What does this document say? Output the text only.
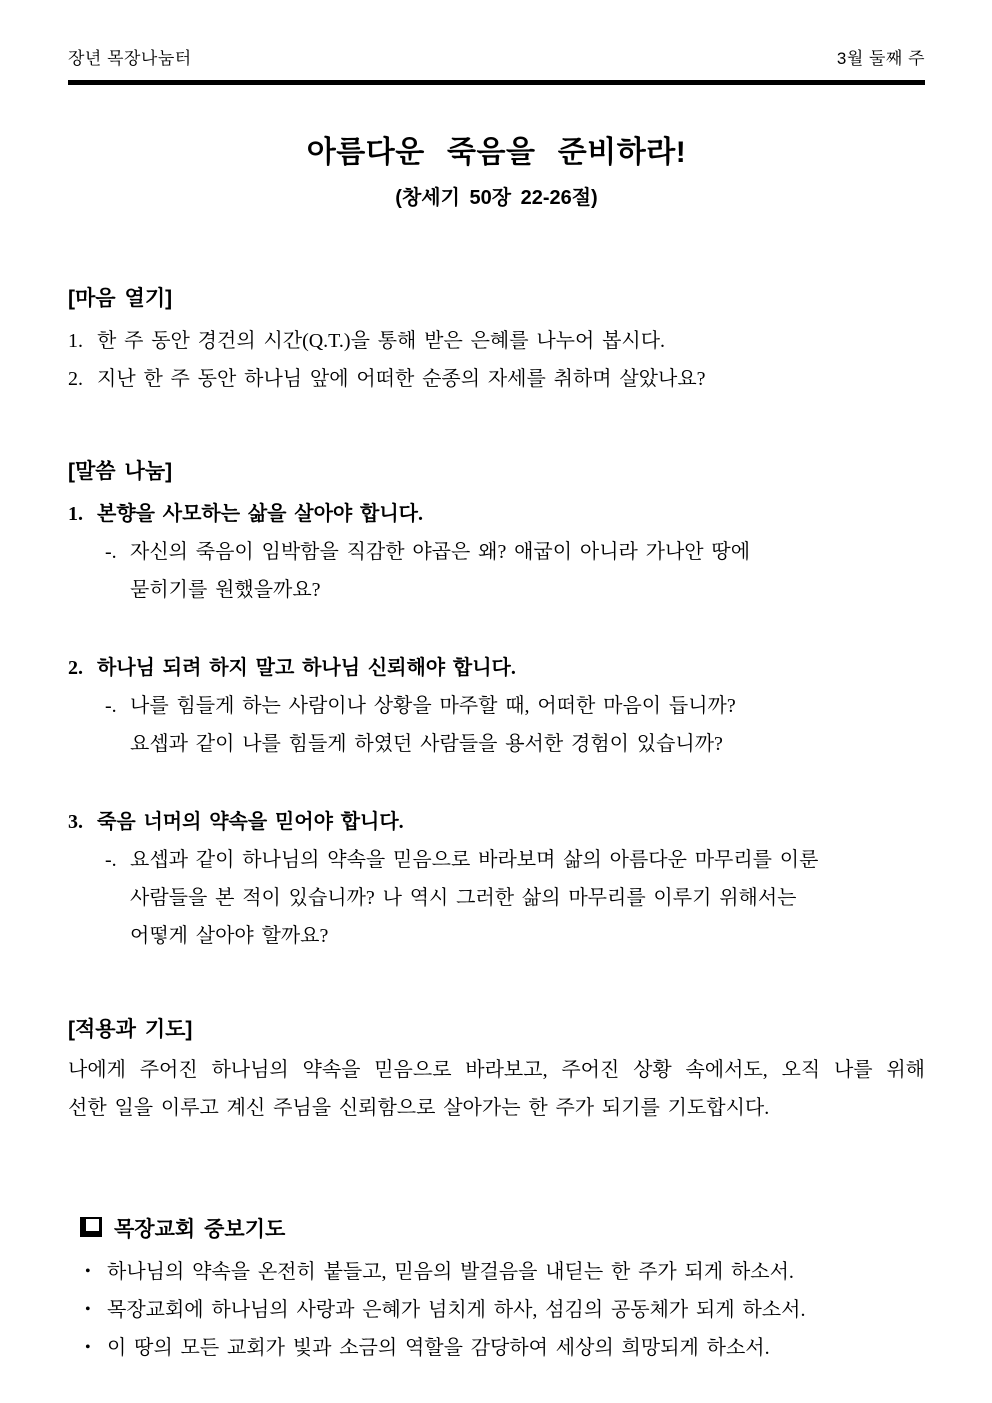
장년 목장나눔터	3월 둘째 주
아름다운 죽음을 준비하라!
(창세기 50장 22-26절)
[마음 열기]
1. 한 주 동안 경건의 시간(Q.T.)을 통해 받은 은혜를 나누어 봅시다.
2. 지난 한 주 동안 하나님 앞에 어떠한 순종의 자세를 취하며 살았나요?
[말씀 나눔]
1. 본향을 사모하는 삶을 살아야 합니다.
-. 자신의 죽음이 임박함을 직감한 야곱은 왜? 애굽이 아니라 가나안 땅에
묻히기를 원했을까요?
2. 하나님 되려 하지 말고 하나님 신뢰해야 합니다.
-. 나를 힘들게 하는 사람이나 상황을 마주할 때, 어떠한 마음이 듭니까?
요셉과 같이 나를 힘들게 하였던 사람들을 용서한 경험이 있습니까?
3. 죽음 너머의 약속을 믿어야 합니다.
-. 요셉과 같이 하나님의 약속을 믿음으로 바라보며 삶의 아름다운 마무리를 이룬
사람들을 본 적이 있습니까? 나 역시 그러한 삶의 마무리를 이루기 위해서는
어떻게 살아야 할까요?
[적용과 기도]
나에게 주어진 하나님의 약속을 믿음으로 바라보고, 주어진 상황 속에서도, 오직 나를 위해
선한 일을 이루고 계신 주님을 신뢰함으로 살아가는 한 주가 되기를 기도합시다.
목장교회 중보기도
• 하나님의 약속을 온전히 붙들고, 믿음의 발걸음을 내딛는 한 주가 되게 하소서.
• 목장교회에 하나님의 사랑과 은혜가 넘치게 하사, 섬김의 공동체가 되게 하소서.
• 이 땅의 모든 교회가 빛과 소금의 역할을 감당하여 세상의 희망되게 하소서.
